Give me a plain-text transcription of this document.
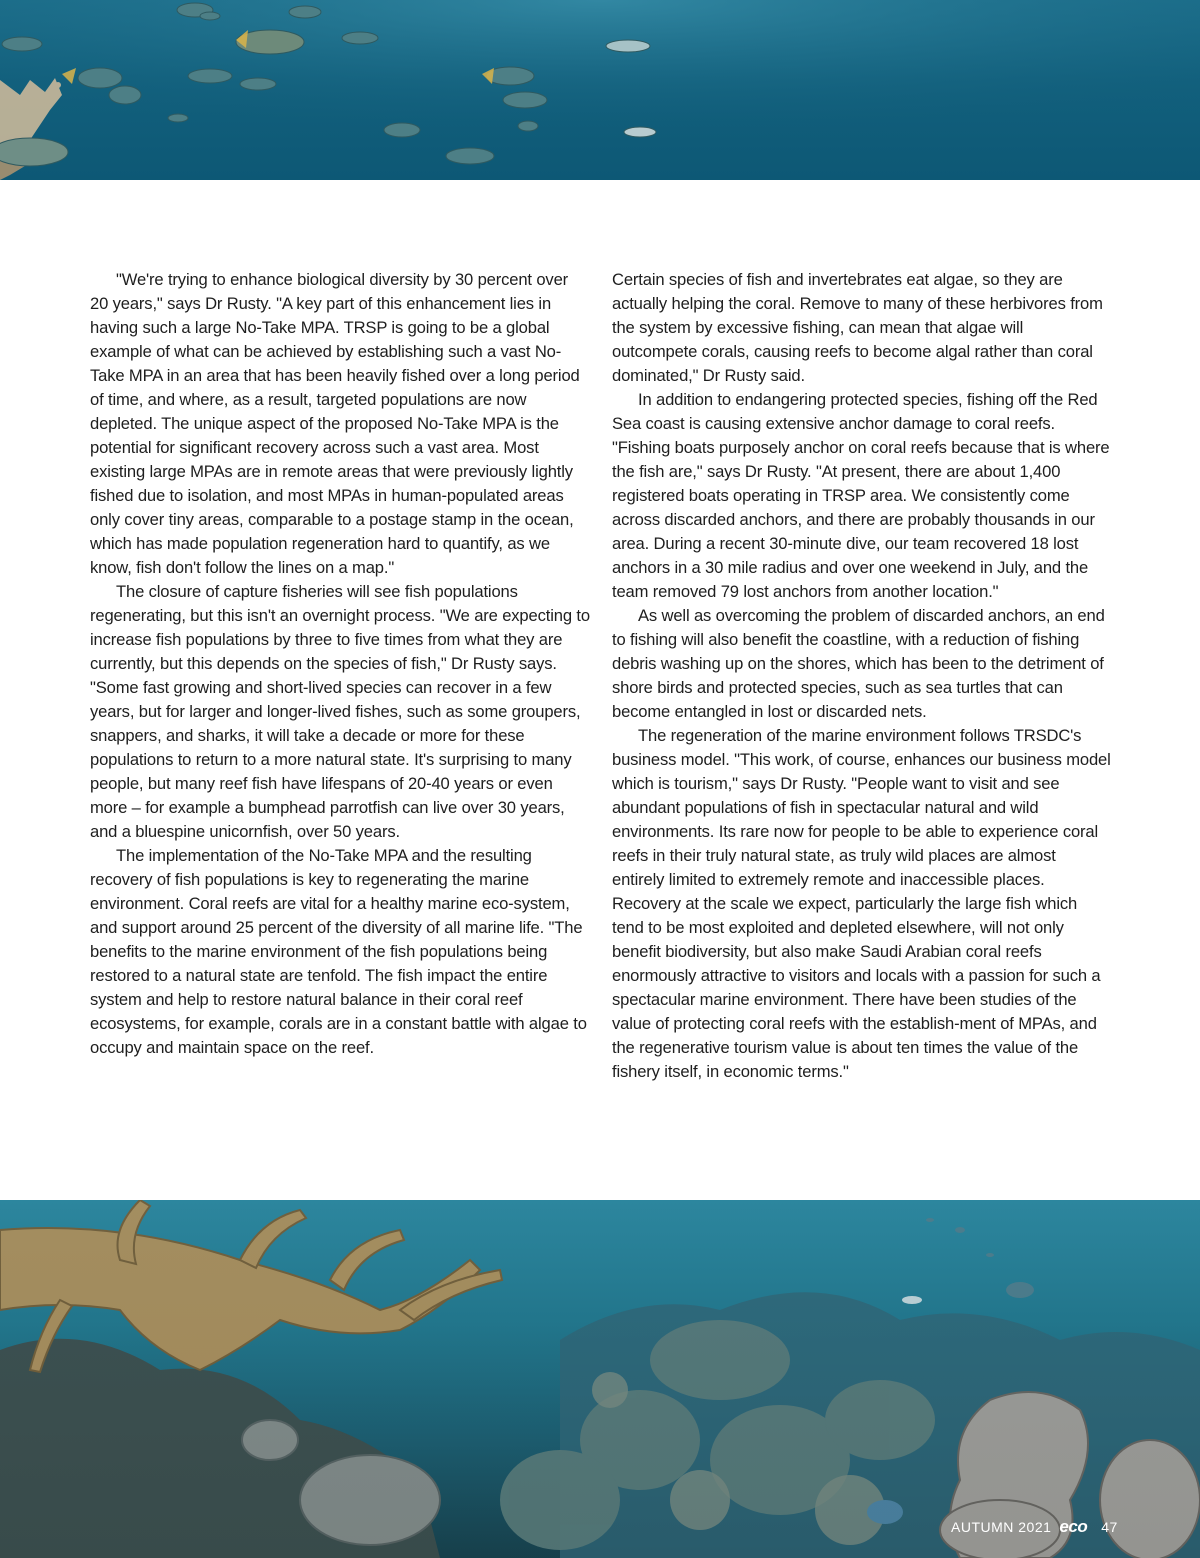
"We're trying to enhance biological diversity by 30 percent over 20 years," says Dr Rusty. "A key part of this enhancement lies in having such a large No-Take MPA. TRSP is going to be a global example of what can be achieved by establishing such a vast No-Take MPA in an area that has been heavily fished over a long period of time, and where, as a result, targeted populations are now depleted. The unique aspect of the proposed No-Take MPA is the potential for significant recovery across such a vast area. Most existing large MPAs are in remote areas that were previously lightly fished due to isolation, and most MPAs in human-populated areas only cover tiny areas, comparable to a postage stamp in the ocean, which has made population regeneration hard to quantify, as we know, fish don't follow the lines on a map."

The closure of capture fisheries will see fish populations regenerating, but this isn't an overnight process. "We are expecting to increase fish populations by three to five times from what they are currently, but this depends on the species of fish," Dr Rusty says. "Some fast growing and short-lived species can recover in a few years, but for larger and longer-lived fishes, such as some groupers, snappers, and sharks, it will take a decade or more for these populations to return to a more natural state. It's surprising to many people, but many reef fish have lifespans of 20-40 years or even more – for example a bumphead parrotfish can live over 30 years, and a bluespine unicornfish, over 50 years.

The implementation of the No-Take MPA and the resulting recovery of fish populations is key to regenerating the marine environment. Coral reefs are vital for a healthy marine eco-system, and support around 25 percent of the diversity of all marine life. "The benefits to the marine environment of the fish populations being restored to a natural state are tenfold. The fish impact the entire system and help to restore natural balance in their coral reef ecosystems, for example, corals are in a constant battle with algae to occupy and maintain space on the reef.

Certain species of fish and invertebrates eat algae, so they are actually helping the coral. Remove to many of these herbivores from the system by excessive fishing, can mean that algae will outcompete corals, causing reefs to become algal rather than coral dominated," Dr Rusty said.

In addition to endangering protected species, fishing off the Red Sea coast is causing extensive anchor damage to coral reefs. "Fishing boats purposely anchor on coral reefs because that is where the fish are," says Dr Rusty. "At present, there are about 1,400 registered boats operating in TRSP area. We consistently come across discarded anchors, and there are probably thousands in our area. During a recent 30-minute dive, our team recovered 18 lost anchors in a 30 mile radius and over one weekend in July, and the team removed 79 lost anchors from another location."

As well as overcoming the problem of discarded anchors, an end to fishing will also benefit the coastline, with a reduction of fishing debris washing up on the shores, which has been to the detriment of shore birds and protected species, such as sea turtles that can become entangled in lost or discarded nets.

The regeneration of the marine environment follows TRSDC's business model. "This work, of course, enhances our business model which is tourism," says Dr Rusty. "People want to visit and see abundant populations of fish in spectacular natural and wild environments. Its rare now for people to be able to experience coral reefs in their truly natural state, as truly wild places are almost entirely limited to extremely remote and inaccessible places. Recovery at the scale we expect, particularly the large fish which tend to be most exploited and depleted elsewhere, will not only benefit biodiversity, but also make Saudi Arabian coral reefs enormously attractive to visitors and locals with a passion for such a spectacular marine environment. There have been studies of the value of protecting coral reefs with the establish-ment of MPAs, and the regenerative tourism value is about ten times the value of the fishery itself, in economic terms."

AUTUMN 2021 eco 47
